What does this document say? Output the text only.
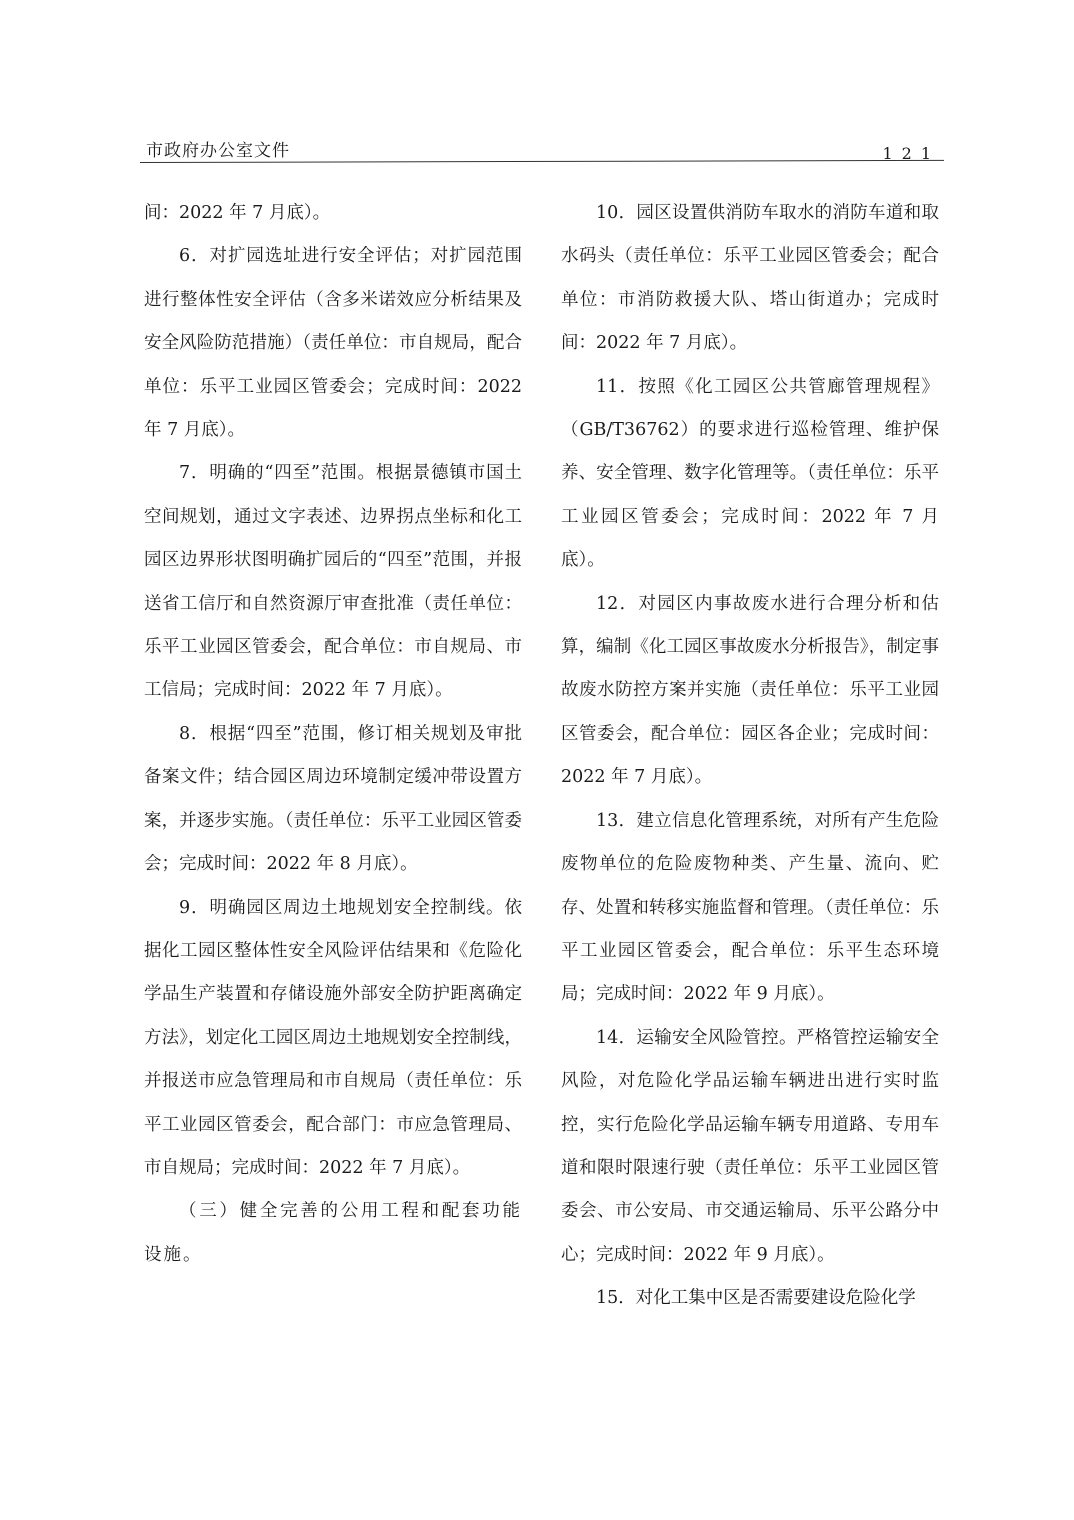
市政府办公室文件	121

间：2022 年 7 月底）。

6．对扩园选址进行安全评估；对扩园范围进行整体性安全评估（含多米诺效应分析结果及安全风险防范措施）（责任单位：市自规局，配合单位：乐平工业园区管委会；完成时间：2022 年 7 月底）。

7．明确的“四至”范围。根据景德镇市国土空间规划，通过文字表述、边界拐点坐标和化工园区边界形状图明确扩园后的“四至”范围，并报送省工信厅和自然资源厅审查批准（责任单位：乐平工业园区管委会，配合单位：市自规局、市工信局；完成时间：2022 年 7 月底）。

8．根据“四至”范围，修订相关规划及审批备案文件；结合园区周边环境制定缓冲带设置方案，并逐步实施。（责任单位：乐平工业园区管委会；完成时间：2022 年 8 月底）。

9．明确园区周边土地规划安全控制线。依据化工园区整体性安全风险评估结果和《危险化学品生产装置和存储设施外部安全防护距离确定方法》，划定化工园区周边土地规划安全控制线，并报送市应急管理局和市自规局（责任单位：乐平工业园区管委会，配合部门：市应急管理局、市自规局；完成时间：2022 年 7 月底）。

（三）健全完善的公用工程和配套功能设施。

10．园区设置供消防车取水的消防车道和取水码头（责任单位：乐平工业园区管委会；配合单位：市消防救援大队、塔山街道办；完成时间：2022 年 7 月底）。

11．按照《化工园区公共管廊管理规程》（GB/T36762）的要求进行巡检管理、维护保养、安全管理、数字化管理等。（责任单位：乐平工业园区管委会；完成时间：2022 年 7 月底）。

12．对园区内事故废水进行合理分析和估算，编制《化工园区事故废水分析报告》，制定事故废水防控方案并实施（责任单位：乐平工业园区管委会，配合单位：园区各企业；完成时间：2022 年 7 月底）。

13．建立信息化管理系统，对所有产生危险废物单位的危险废物种类、产生量、流向、贮存、处置和转移实施监督和管理。（责任单位：乐平工业园区管委会，配合单位：乐平生态环境局；完成时间：2022 年 9 月底）。

14．运输安全风险管控。严格管控运输安全风险，对危险化学品运输车辆进出进行实时监控，实行危险化学品运输车辆专用道路、专用车道和限时限速行驶（责任单位：乐平工业园区管委会、市公安局、市交通运输局、乐平公路分中心；完成时间：2022 年 9 月底）。

15．对化工集中区是否需要建设危险化学
